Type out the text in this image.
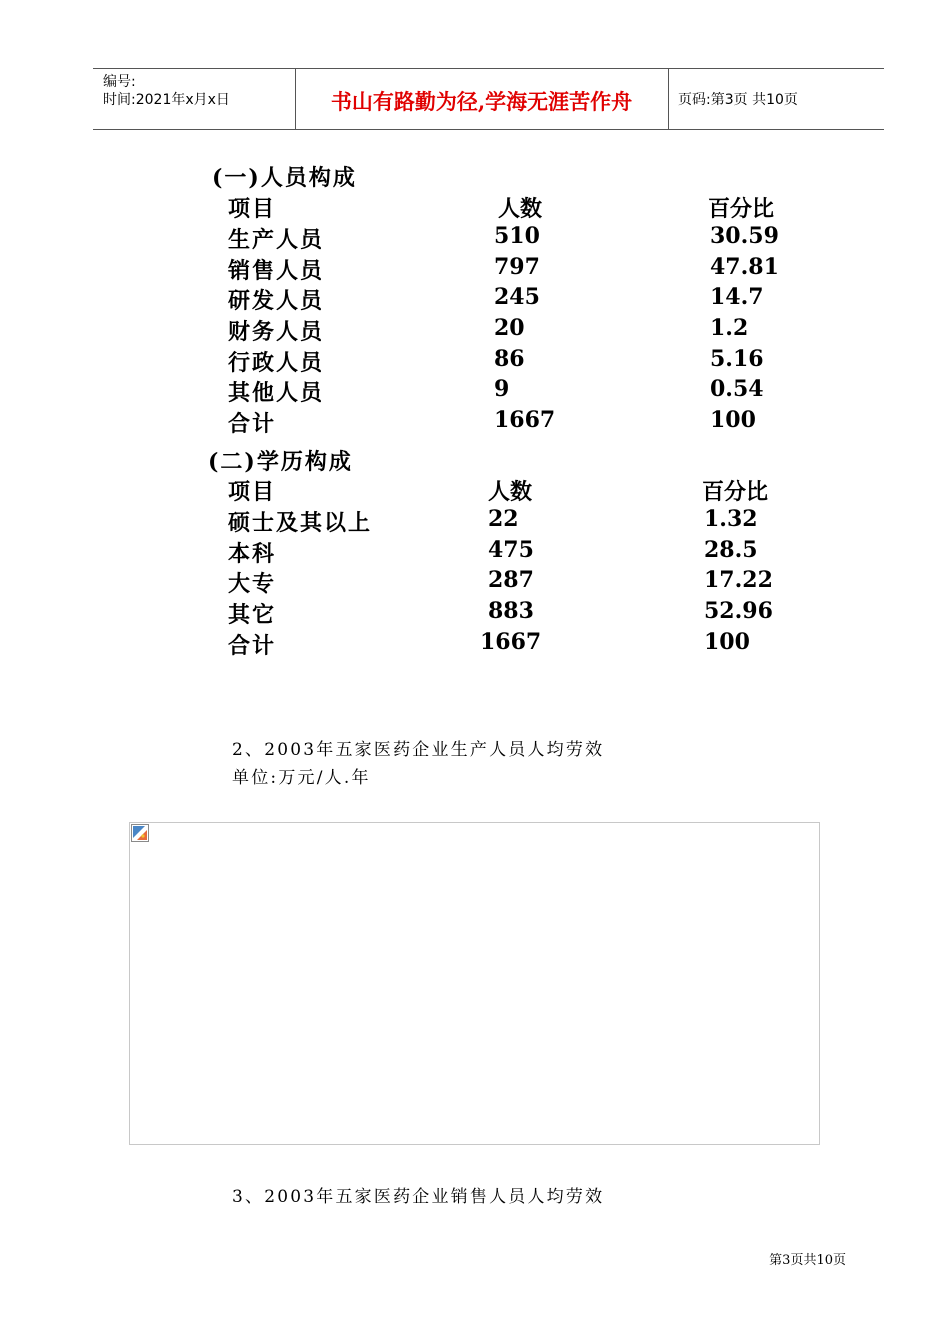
编号:
时间:2021年x月x日	书山有路勤为径,学海无涯苦作舟	页码:第3页 共10页
(一)人员构成
项目	人数	百分比
生产人员	510	30.59
销售人员	797	47.81
研发人员	245	14.7
财务人员	20	1.2
行政人员	86	5.16
其他人员	9	0.54
合计	1667	100
(二)学历构成
项目	人数	百分比
硕士及其以上	22	1.32
本科	475	28.5
大专	287	17.22
其它	883	52.96
合计	1667	100
2、2003年五家医药企业生产人员人均劳效
单位:万元/人.年
3、2003年五家医药企业销售人员人均劳效
第3页共10页
